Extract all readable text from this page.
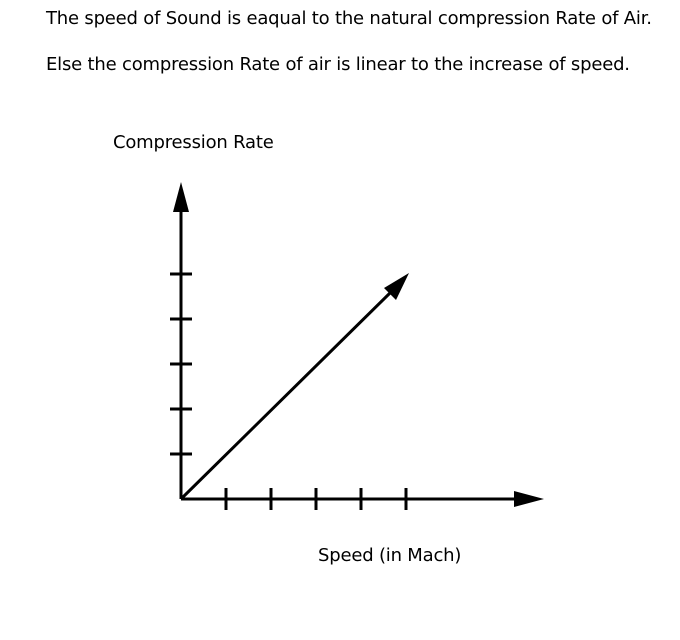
The speed of Sound is eaqual to the natural compression Rate of Air.
Else the compression Rate of air is linear to the increase of speed.
Compression Rate
Speed (in Mach)
